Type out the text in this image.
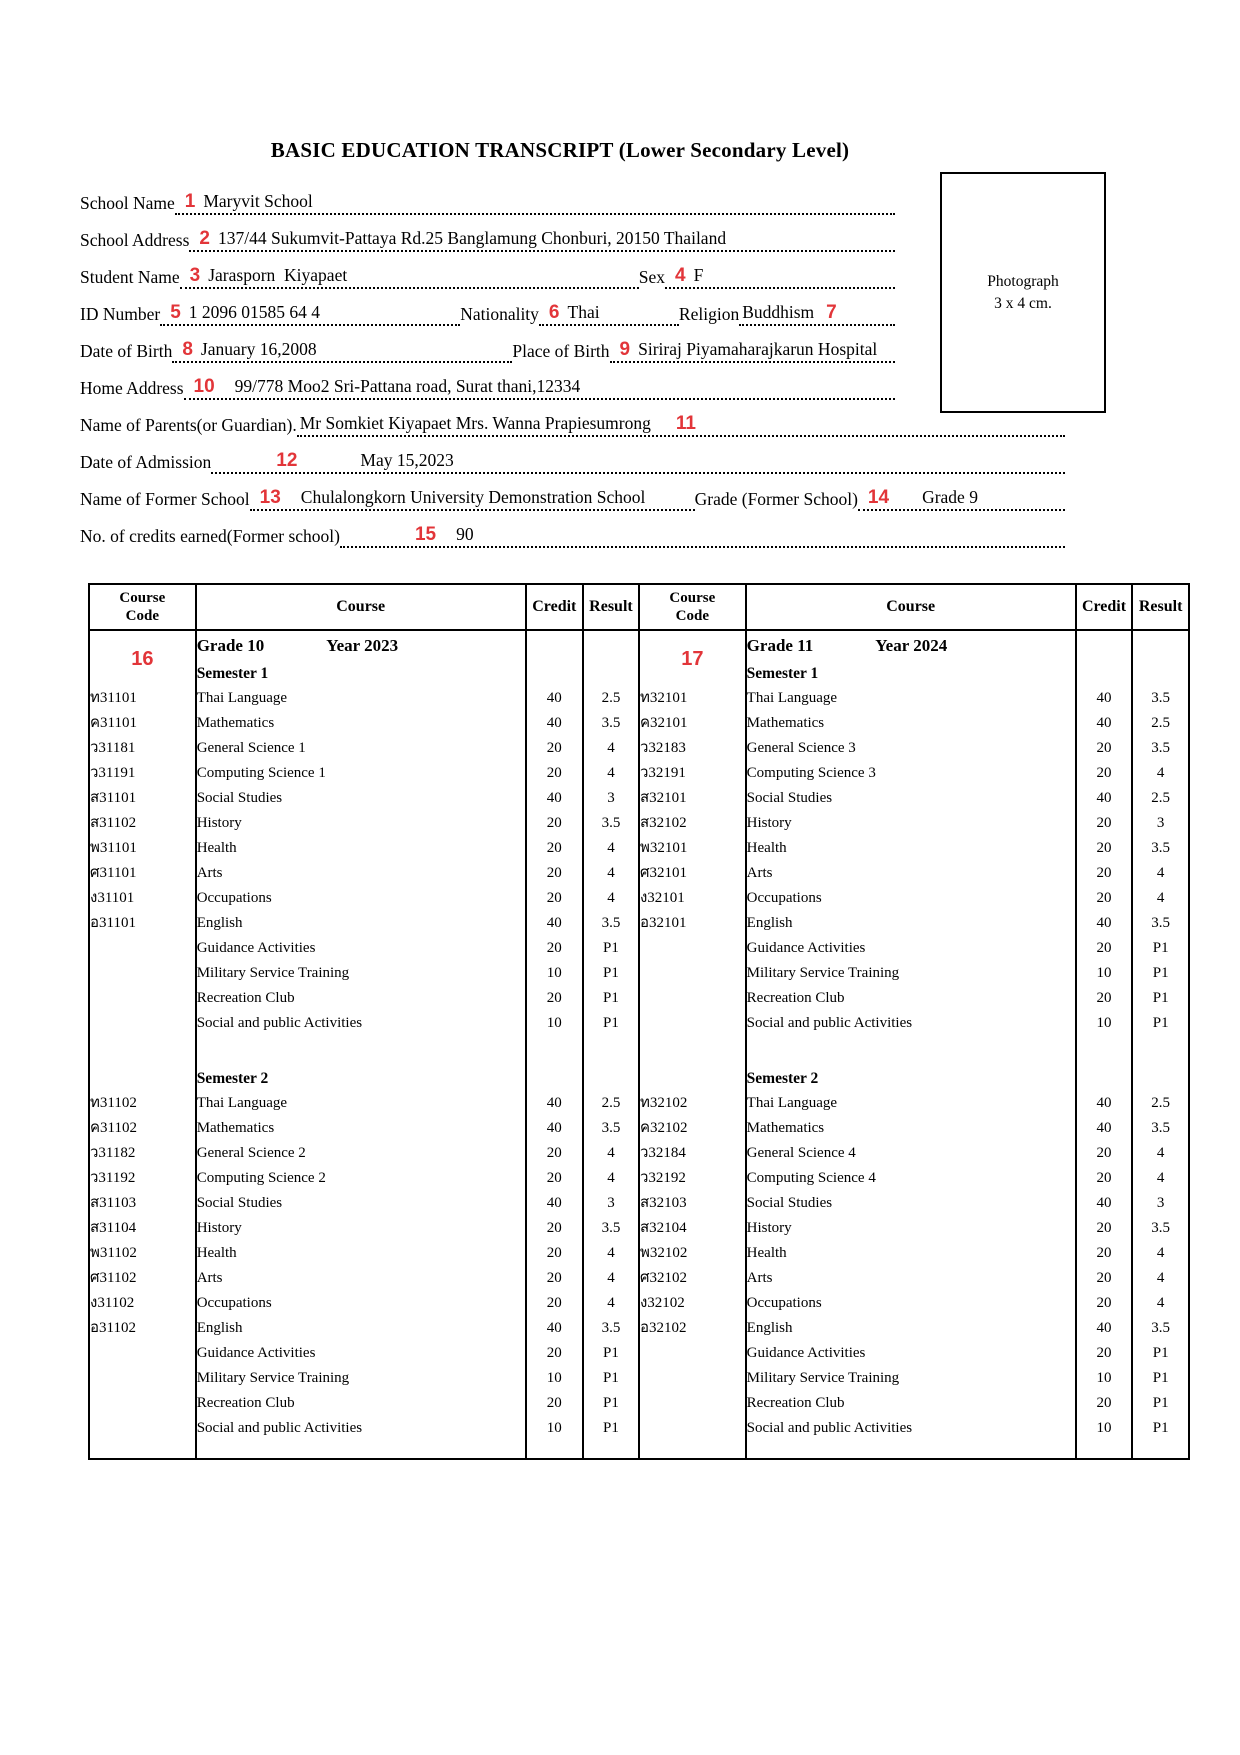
BASIC EDUCATION TRANSCRIPT (Lower Secondary Level)
Photograph
3 x 4 cm.
School Name 1 Maryvit School
School Address 2 137/44 Sukumvit-Pattaya Rd.25 Banglamung Chonburi, 20150 Thailand
Student Name 3 Jarasporn  Kiyapaet	Sex 4 F
ID Number 5 1 2096 01585 64 4	Nationality 6 Thai	Religion Buddhism 7
Date of Birth 8 January 16,2008	Place of Birth 9 Siriraj Piyamaharajkarun Hospital
Home Address 10 99/778 Moo2 Sri-Pattana road, Surat thani,12334
Name of Parents(or Guardian). Mr Somkiet Kiyapaet Mrs. Wanna Prapiesumrong 11
Date of Admission	12	May 15,2023
Name of Former School 13 Chulalongkorn University Demonstration School	Grade (Former School) 14 Grade 9
No. of credits earned(Former school)	15 90
Course Code	Course	Credit	Result	Course Code	Course	Credit	Result

16	Grade 10 Year 2023			17	Grade 11 Year 2024		
	Semester 1				Semester 1		
ท31101	Thai Language	40	2.5	ท32101	Thai Language	40	3.5
ค31101	Mathematics	40	3.5	ค32101	Mathematics	40	2.5
ว31181	General Science 1	20	4	ว32183	General Science 3	20	3.5
ว31191	Computing Science 1	20	4	ว32191	Computing Science 3	20	4
ส31101	Social Studies	40	3	ส32101	Social Studies	40	2.5
ส31102	History	20	3.5	ส32102	History	20	3
พ31101	Health	20	4	พ32101	Health	20	3.5
ศ31101	Arts	20	4	ศ32101	Arts	20	4
ง31101	Occupations	20	4	ง32101	Occupations	20	4
อ31101	English	40	3.5	อ32101	English	40	3.5
	Guidance Activities	20	P1		Guidance Activities	20	P1
	Military Service Training	10	P1		Military Service Training	10	P1
	Recreation Club	20	P1		Recreation Club	20	P1
	Social and public Activities	10	P1		Social and public Activities	10	P1

	Semester 2				Semester 2		
ท31102	Thai Language	40	2.5	ท32102	Thai Language	40	2.5
ค31102	Mathematics	40	3.5	ค32102	Mathematics	40	3.5
ว31182	General Science 2	20	4	ว32184	General Science 4	20	4
ว31192	Computing Science 2	20	4	ว32192	Computing Science 4	20	4
ส31103	Social Studies	40	3	ส32103	Social Studies	40	3
ส31104	History	20	3.5	ส32104	History	20	3.5
พ31102	Health	20	4	พ32102	Health	20	4
ศ31102	Arts	20	4	ศ32102	Arts	20	4
ง31102	Occupations	20	4	ง32102	Occupations	20	4
อ31102	English	40	3.5	อ32102	English	40	3.5
	Guidance Activities	20	P1		Guidance Activities	20	P1
	Military Service Training	10	P1		Military Service Training	10	P1
	Recreation Club	20	P1		Recreation Club	20	P1
	Social and public Activities	10	P1		Social and public Activities	10	P1
